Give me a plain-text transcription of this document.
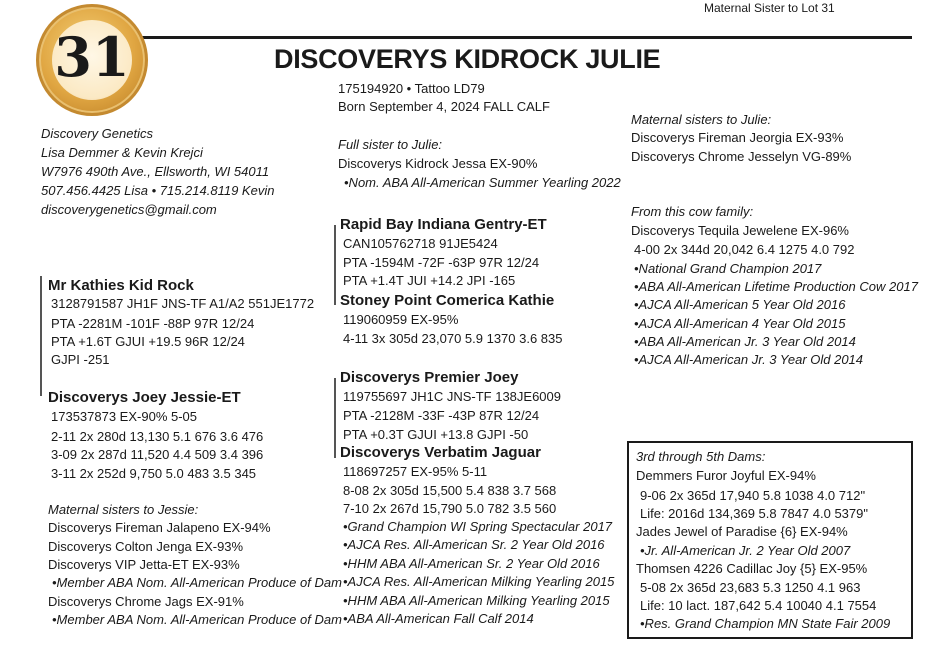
Maternal Sister to Lot 31
31	DISCOVERYS KIDROCK JULIE
175194920 • Tattoo LD79
Born September 4, 2024 FALL CALF
Discovery Genetics
Lisa Demmer & Kevin Krejci
W7976 490th Ave., Ellsworth, WI 54011
507.456.4425 Lisa • 715.214.8119 Kevin
discoverygenetics@gmail.com
Full sister to Julie:
Discoverys Kidrock Jessa EX-90%
•Nom. ABA All-American Summer Yearling 2022
Mr Kathies Kid Rock
3128791587 JH1F JNS-TF A1/A2 551JE1772
PTA -2281M -101F -88P 97R 12/24
PTA +1.6T GJUI +19.5 96R 12/24
GJPI -251
Discoverys Joey Jessie-ET
173537873 EX-90% 5-05
2-11 2x 280d 13,130 5.1 676 3.6 476
3-09 2x 287d 11,520 4.4 509 3.4 396
3-11 2x 252d 9,750 5.0 483 3.5 345
Maternal sisters to Jessie:
Discoverys Fireman Jalapeno EX-94%
Discoverys Colton Jenga EX-93%
Discoverys VIP Jetta-ET EX-93%
•Member ABA Nom. All-American Produce of Dam
Discoverys Chrome Jags EX-91%
•Member ABA Nom. All-American Produce of Dam
Rapid Bay Indiana Gentry-ET
CAN105762718 91JE5424
PTA -1594M -72F -63P 97R 12/24
PTA +1.4T JUI +14.2 JPI -165
Stoney Point Comerica Kathie
119060959 EX-95%
4-11 3x 305d 23,070 5.9 1370 3.6 835
Discoverys Premier Joey
119755697 JH1C JNS-TF 138JE6009
PTA -2128M -33F -43P 87R 12/24
PTA +0.3T GJUI +13.8 GJPI -50
Discoverys Verbatim Jaguar
118697257 EX-95% 5-11
8-08 2x 305d 15,500 5.4 838 3.7 568
7-10 2x 267d 15,790 5.0 782 3.5 560
•Grand Champion WI Spring Spectacular 2017
•AJCA Res. All-American Sr. 2 Year Old 2016
•HHM ABA All-American Sr. 2 Year Old 2016
•AJCA Res. All-American Milking Yearling 2015
•HHM ABA All-American Milking Yearling 2015
•ABA All-American Fall Calf 2014
Maternal sisters to Julie:
Discoverys Fireman Jeorgia EX-93%
Discoverys Chrome Jesselyn VG-89%
From this cow family:
Discoverys Tequila Jewelene EX-96%
4-00 2x 344d 20,042 6.4 1275 4.0 792
•National Grand Champion 2017
•ABA All-American Lifetime Production Cow 2017
•AJCA All-American 5 Year Old 2016
•AJCA All-American 4 Year Old 2015
•ABA All-American Jr. 3 Year Old 2014
•AJCA All-American Jr. 3 Year Old 2014
3rd through 5th Dams:
Demmers Furor Joyful EX-94%
9-06 2x 365d 17,940 5.8 1038 4.0 712"
Life: 2016d 134,369 5.8 7847 4.0 5379"
Jades Jewel of Paradise {6} EX-94%
•Jr. All-American Jr. 2 Year Old 2007
Thomsen 4226 Cadillac Joy {5} EX-95%
5-08 2x 365d 23,683 5.3 1250 4.1 963
Life: 10 lact. 187,642 5.4 10040 4.1 7554
•Res. Grand Champion MN State Fair 2009
